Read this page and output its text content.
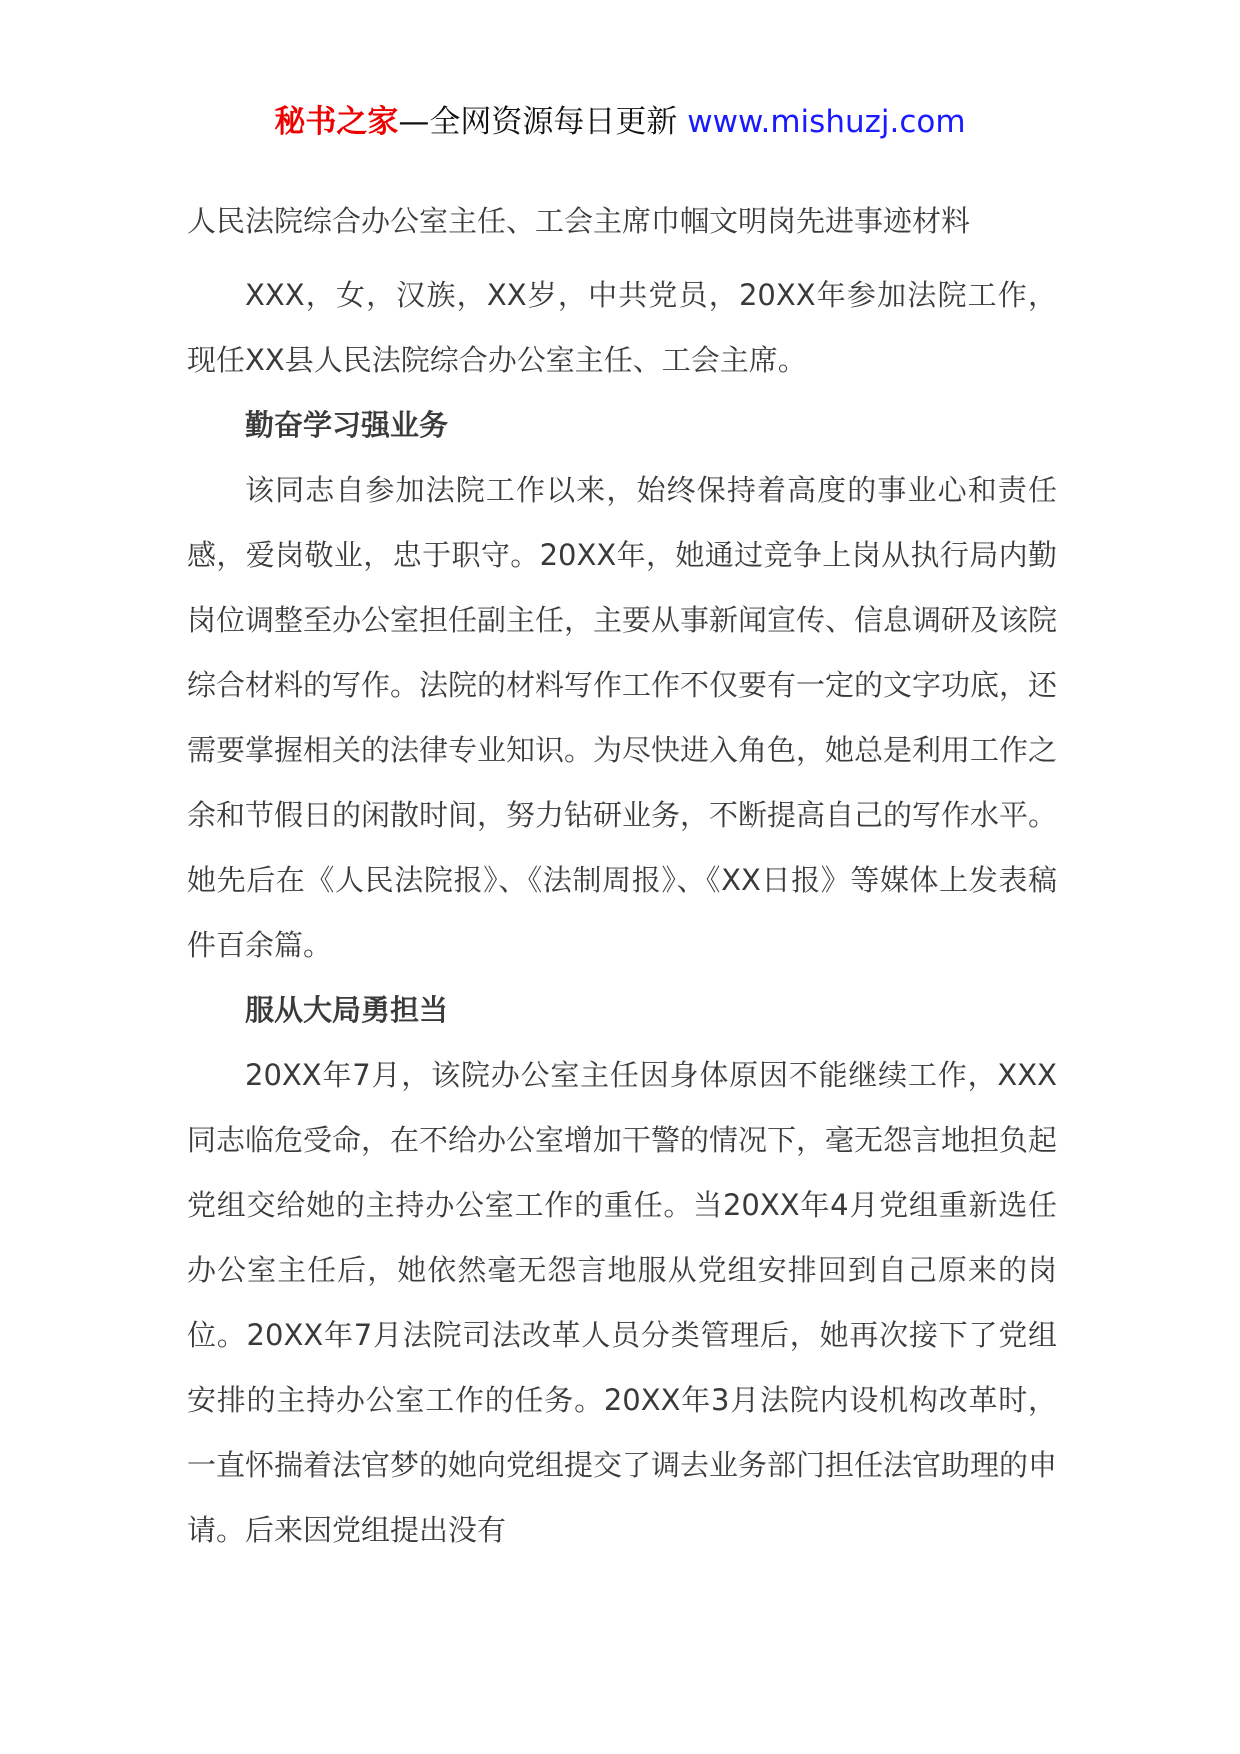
秘书之家—全网资源每日更新 www.mishuzj.com
人民法院综合办公室主任、工会主席巾帼文明岗先进事迹材料

XXX，女，汉族，XX岁，中共党员，20XX年参加法院工作，现任XX县人民法院综合办公室主任、工会主席。

勤奋学习强业务

该同志自参加法院工作以来，始终保持着高度的事业心和责任感，爱岗敬业，忠于职守。20XX年，她通过竞争上岗从执行局内勤岗位调整至办公室担任副主任，主要从事新闻宣传、信息调研及该院综合材料的写作。法院的材料写作工作不仅要有一定的文字功底，还需要掌握相关的法律专业知识。为尽快进入角色，她总是利用工作之余和节假日的闲散时间，努力钻研业务，不断提高自己的写作水平。她先后在《人民法院报》、《法制周报》、《XX日报》等媒体上发表稿件百余篇。

服从大局勇担当

20XX年7月，该院办公室主任因身体原因不能继续工作，XXX同志临危受命，在不给办公室增加干警的情况下，毫无怨言地担负起党组交给她的主持办公室工作的重任。当20XX年4月党组重新选任办公室主任后，她依然毫无怨言地服从党组安排回到自己原来的岗位。20XX年7月法院司法改革人员分类管理后，她再次接下了党组安排的主持办公室工作的任务。20XX年3月法院内设机构改革时，一直怀揣着法官梦的她向党组提交了调去业务部门担任法官助理的申请。后来因党组提出没有
